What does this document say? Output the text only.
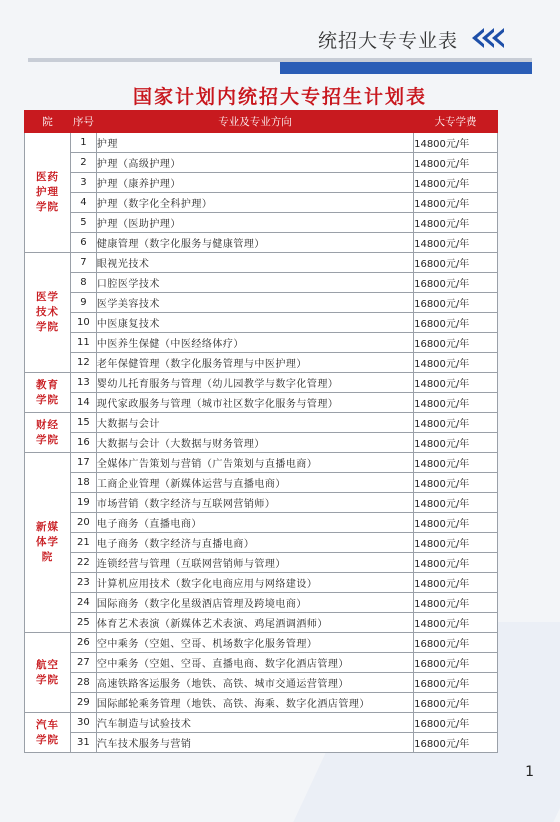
统招大专专业表
国家计划内统招大专招生计划表
院	序号	专业及专业方向	大专学费

医药
护理
学院	1	护理	14800元/年
	2	护理（高级护理）	14800元/年
	3	护理（康养护理）	14800元/年
	4	护理（数字化全科护理）	14800元/年
	5	护理（医助护理）	14800元/年
	6	健康管理（数字化服务与健康管理）	14800元/年

医学
技术
学院	7	眼视光技术	16800元/年
	8	口腔医学技术	16800元/年
	9	医学美容技术	16800元/年
	10	中医康复技术	16800元/年
	11	中医养生保健（中医经络体疗）	16800元/年
	12	老年保健管理（数字化服务管理与中医护理）	14800元/年

教育
学院	13	婴幼儿托育服务与管理（幼儿园教学与数字化管理）	14800元/年
	14	现代家政服务与管理（城市社区数字化服务与管理）	14800元/年

财经
学院	15	大数据与会计	14800元/年
	16	大数据与会计（大数据与财务管理）	14800元/年

新媒
体学
院	17	全媒体广告策划与营销（广告策划与直播电商）	14800元/年
	18	工商企业管理（新媒体运营与直播电商）	14800元/年
	19	市场营销（数字经济与互联网营销师）	14800元/年
	20	电子商务（直播电商）	14800元/年
	21	电子商务（数字经济与直播电商）	14800元/年
	22	连锁经营与管理（互联网营销师与管理）	14800元/年
	23	计算机应用技术（数字化电商应用与网络建设）	14800元/年
	24	国际商务（数字化星级酒店管理及跨境电商）	14800元/年
	25	体育艺术表演（新媒体艺术表演、鸡尾酒调酒师）	14800元/年

航空
学院	26	空中乘务（空姐、空哥、机场数字化服务管理）	16800元/年
	27	空中乘务（空姐、空哥、直播电商、数字化酒店管理）	16800元/年
	28	高速铁路客运服务（地铁、高铁、城市交通运营管理）	16800元/年
	29	国际邮轮乘务管理（地铁、高铁、海乘、数字化酒店管理）	16800元/年

汽车
学院	30	汽车制造与试验技术	16800元/年
	31	汽车技术服务与营销	16800元/年
1
